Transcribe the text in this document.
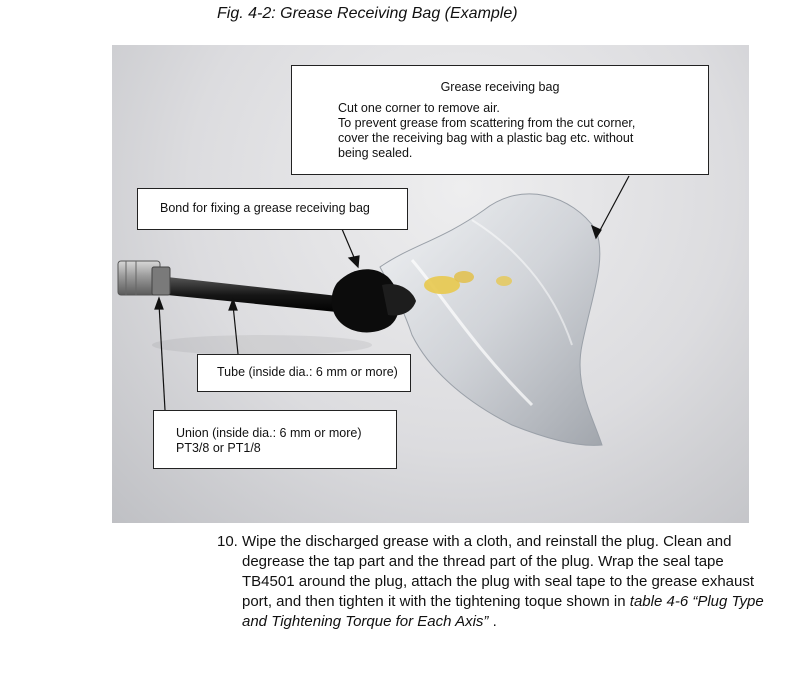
Fig. 4-2: Grease Receiving Bag (Example)
Grease receiving bag
Cut one corner to remove air.
To prevent grease from scattering from the cut corner,
cover the receiving bag with a plastic bag etc. without
being sealed.
Bond for fixing a grease receiving bag
Tube (inside dia.: 6 mm or more)
Union (inside dia.: 6 mm or more)
PT3/8 or PT1/8
10. Wipe the discharged grease with a cloth, and reinstall the plug. Clean and degrease the tap part and the thread part of the plug. Wrap the seal tape TB4501 around the plug, attach the plug with seal tape to the grease exhaust port, and then tighten it with the tightening toque shown in table 4-6 “Plug Type and Tightening Torque for Each Axis” .
